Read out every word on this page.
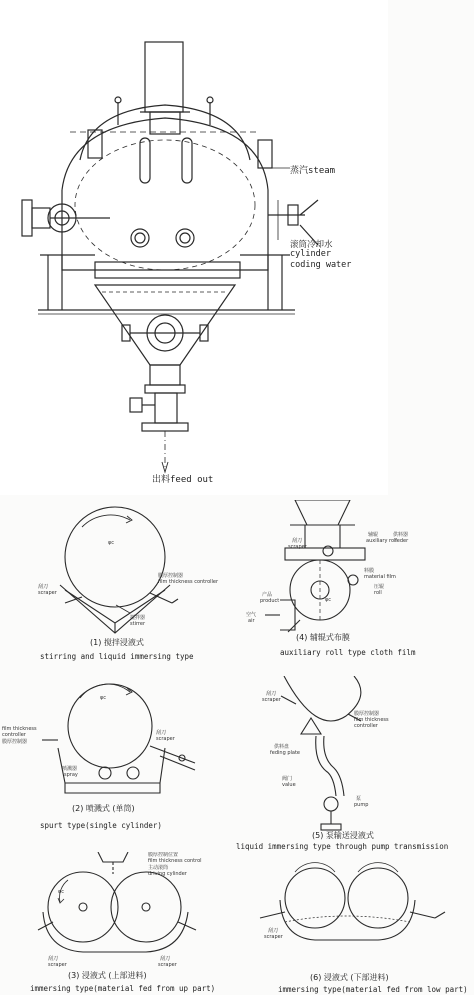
蒸汽steam
滚筒冷却水
cylinder
coding water
出料feed out
φc
刮刀
scraper
膜厚控制器
film thickness controller
搅拌器
stirrer
(1) 搅拌浸液式
stirring and liquid immersing type
辅辊
auxiliary roll
供料器
feder
刮刀
scraper
料膜
material film
压辊
roll
φc
产品
product
空气
air
(4) 辅辊式布膜
auxiliary roll type cloth film
φc
film thickness
controller
膜厚控制器
刮刀
scraper
喷溅器
spray
(2) 喷溅式 (单筒)
spurt type(single cylinder)
刮刀
scraper
膜厚控制器
film thickness
controller
供料盘
feding plate
阀门
value
泵
pump
(5) 泵输送浸液式
liquid immersing type through pump transmission
膜厚控制位置
film thickness control
主动滚筒
driving cylinder
φc
刮刀
scraper
刮刀
scraper
(3) 浸液式 (上部进料)
immersing type(material fed from up part)
刮刀
scraper
(6) 浸液式 (下部进料)
immersing type(material fed from low part)
